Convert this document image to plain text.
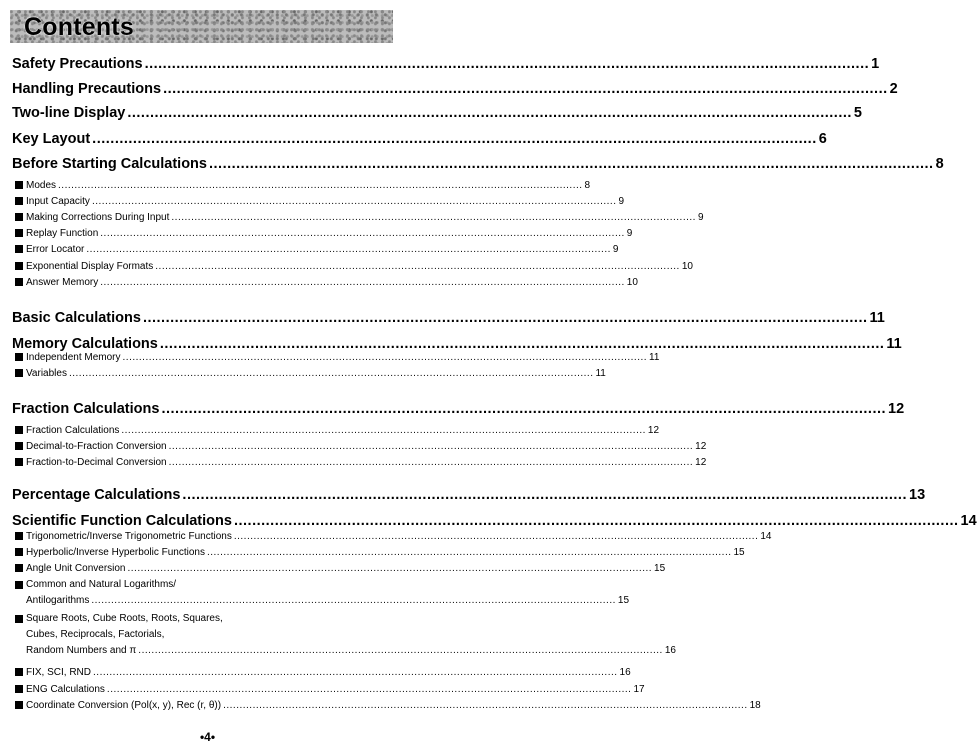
Contents
Safety Precautions ................................................................................................................................................................ 1
Handling Precautions ................................................................................................................................................................ 2
Two-line Display ................................................................................................................................................................ 5
Key Layout ................................................................................................................................................................ 6
Before Starting Calculations ................................................................................................................................................................ 8
Modes ................................................................................................................................................................ 8
Input Capacity ................................................................................................................................................................ 9
Making Corrections During Input ................................................................................................................................................................ 9
Replay Function ................................................................................................................................................................ 9
Error Locator ................................................................................................................................................................ 9
Exponential Display Formats ................................................................................................................................................................ 10
Answer Memory ................................................................................................................................................................ 10
Basic Calculations ................................................................................................................................................................ 11
Memory Calculations ................................................................................................................................................................ 11
Independent Memory ................................................................................................................................................................ 11
Variables ................................................................................................................................................................ 11
Fraction Calculations ................................................................................................................................................................ 12
Fraction Calculations ................................................................................................................................................................ 12
Decimal-to-Fraction Conversion ................................................................................................................................................................ 12
Fraction-to-Decimal Conversion ................................................................................................................................................................ 12
Percentage Calculations ................................................................................................................................................................ 13
Scientific Function Calculations ................................................................................................................................................................ 14
Trigonometric/Inverse Trigonometric Functions ................................................................................................................................................................ 14
Hyperbolic/Inverse Hyperbolic Functions ................................................................................................................................................................ 15
Angle Unit Conversion ................................................................................................................................................................ 15
Common and Natural Logarithms/
Antilogarithms ................................................................................................................................................................ 15
Square Roots, Cube Roots, Roots, Squares,
Cubes, Reciprocals, Factorials,
Random Numbers and π ................................................................................................................................................................ 16
FIX, SCI, RND ................................................................................................................................................................ 16
ENG Calculations ................................................................................................................................................................ 17
Coordinate Conversion (Pol(x, y), Rec (r, θ)) ................................................................................................................................................................ 18
•4•
